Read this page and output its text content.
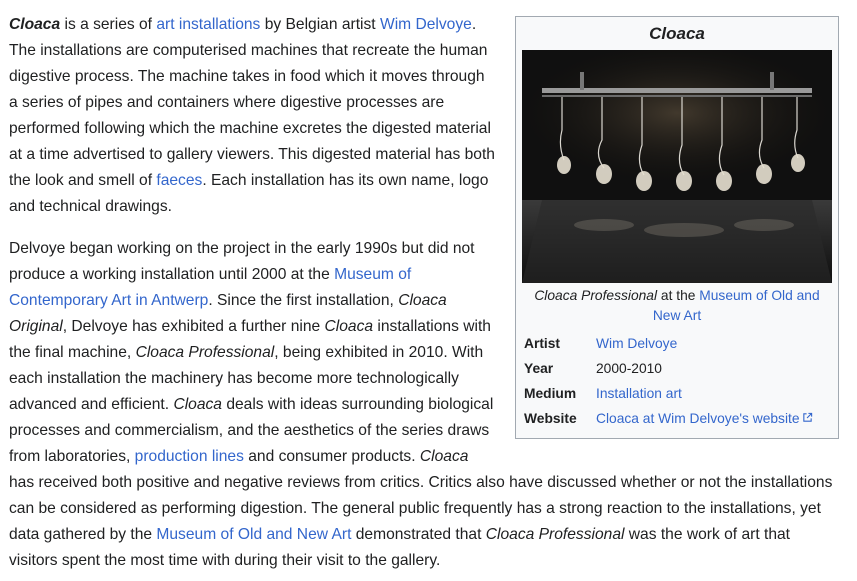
Cloaca
Cloaca Professional at the Museum of Old and New Art
Artist	Wim Delvoye
Year	2000-2010
Medium	Installation art
Website	Cloaca at Wim Delvoye's website

Cloaca is a series of art installations by Belgian artist Wim Delvoye. The installations are computerised machines that recreate the human digestive process. The machine takes in food which it moves through a series of pipes and containers where digestive processes are performed following which the machine excretes the digested material at a time advertised to gallery viewers. This digested material has both the look and smell of faeces. Each installation has its own name, logo and technical drawings.

Delvoye began working on the project in the early 1990s but did not produce a working installation until 2000 at the Museum of Contemporary Art in Antwerp. Since the first installation, Cloaca Original, Delvoye has exhibited a further nine Cloaca installations with the final machine, Cloaca Professional, being exhibited in 2010. With each installation the machinery has become more technologically advanced and efficient. Cloaca deals with ideas surrounding biological processes and commercialism, and the aesthetics of the series draws from laboratories, production lines and consumer products. Cloaca has received both positive and negative reviews from critics. Critics also have discussed whether or not the installations can be considered as performing digestion. The general public frequently has a strong reaction to the installations, yet data gathered by the Museum of Old and New Art demonstrated that Cloaca Professional was the work of art that visitors spent the most time with during their visit to the gallery.
